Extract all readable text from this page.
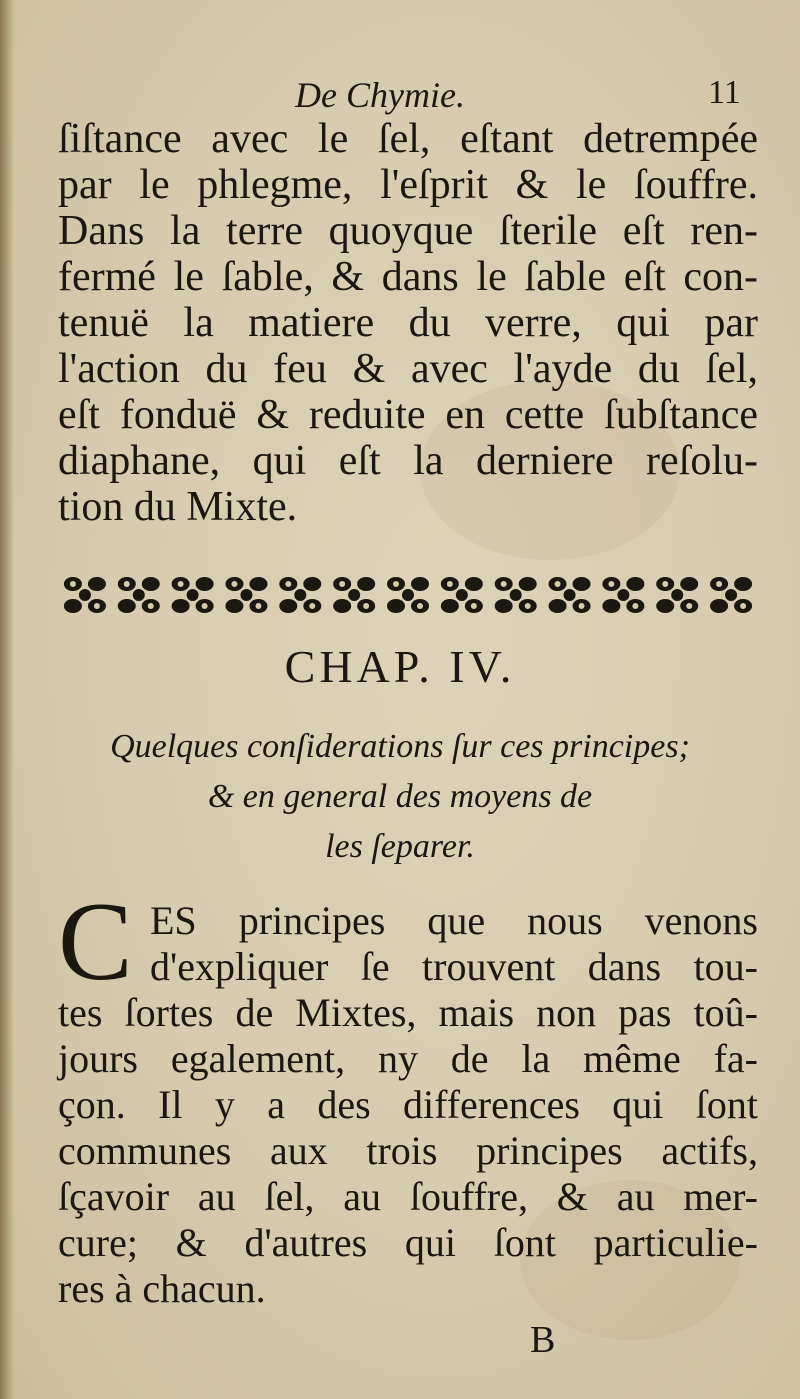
De Chymie.	11
ſiſtance avec le ſel, eſtant detrempée
par le phlegme, l'eſprit & le ſouffre.
Dans la terre quoyque ſterile eſt ren-
fermé le ſable, & dans le ſable eſt con-
tenuë la matiere du verre, qui par
l'action du feu & avec l'ayde du ſel,
eſt fonduë & reduite en cette ſubſtance
diaphane, qui eſt la derniere reſolu-
tion du Mixte.
CHAP. IV.
Quelques conſiderations ſur ces principes;
& en general des moyens de
les ſeparer.
C ES principes que nous venons
d'expliquer ſe trouvent dans tou-
tes ſortes de Mixtes, mais non pas toû-
jours egalement, ny de la même fa-
çon. Il y a des differences qui ſont
communes aux trois principes actifs,
ſçavoir au ſel, au ſouffre, & au mer-
cure; & d'autres qui ſont particulie-
res à chacun.
B
